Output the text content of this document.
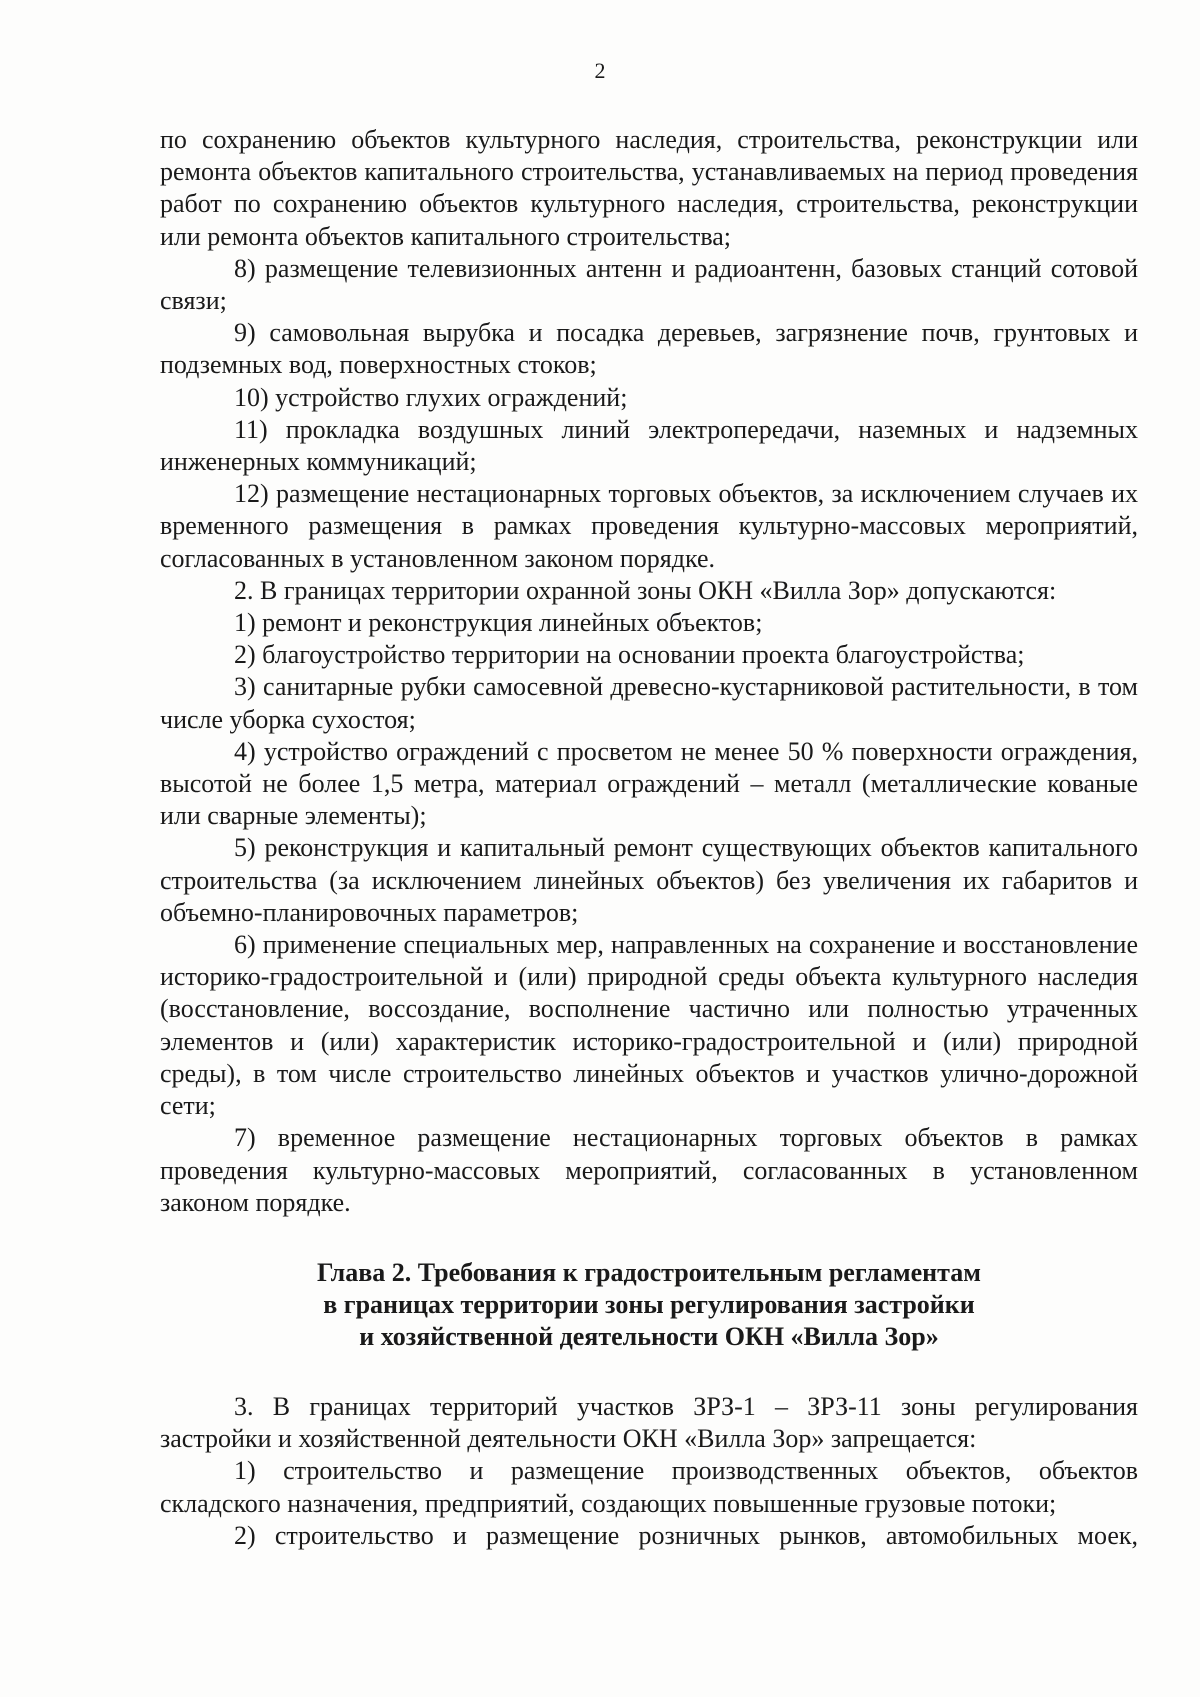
2

по сохранению объектов культурного наследия, строительства, реконструкции или ремонта объектов капитального строительства, устанавливаемых на период проведения работ по сохранению объектов культурного наследия, строительства, реконструкции или ремонта объектов капитального строительства;

8) размещение телевизионных антенн и радиоантенн, базовых станций сотовой связи;

9) самовольная вырубка и посадка деревьев, загрязнение почв, грунтовых и подземных вод, поверхностных стоков;

10) устройство глухих ограждений;

11) прокладка воздушных линий электропередачи, наземных и надземных инженерных коммуникаций;

12) размещение нестационарных торговых объектов, за исключением случаев их временного размещения в рамках проведения культурно-массовых мероприятий, согласованных в установленном законом порядке.

2. В границах территории охранной зоны ОКН «Вилла Зор» допускаются:

1) ремонт и реконструкция линейных объектов;

2) благоустройство территории на основании проекта благоустройства;

3) санитарные рубки самосевной древесно-кустарниковой растительности, в том числе уборка сухостоя;

4) устройство ограждений с просветом не менее 50 % поверхности ограждения, высотой не более 1,5 метра, материал ограждений – металл (металлические кованые или сварные элементы);

5) реконструкция и капитальный ремонт существующих объектов капитального строительства (за исключением линейных объектов) без увеличения их габаритов и объемно-планировочных параметров;

6) применение специальных мер, направленных на сохранение и восстановление историко-градостроительной и (или) природной среды объекта культурного наследия (восстановление, воссоздание, восполнение частично или полностью утраченных элементов и (или) характеристик историко-градостроительной и (или) природной среды), в том числе строительство линейных объектов и участков улично-дорожной сети;

7) временное размещение нестационарных торговых объектов в рамках проведения культурно-массовых мероприятий, согласованных в установленном законом порядке.

Глава 2. Требования к градостроительным регламентам
в границах территории зоны регулирования застройки
и хозяйственной деятельности ОКН «Вилла Зор»

3. В границах территорий участков ЗРЗ-1 – ЗРЗ-11 зоны регулирования застройки и хозяйственной деятельности ОКН «Вилла Зор» запрещается:

1) строительство и размещение производственных объектов, объектов складского назначения, предприятий, создающих повышенные грузовые потоки;

2) строительство и размещение розничных рынков, автомобильных моек,
